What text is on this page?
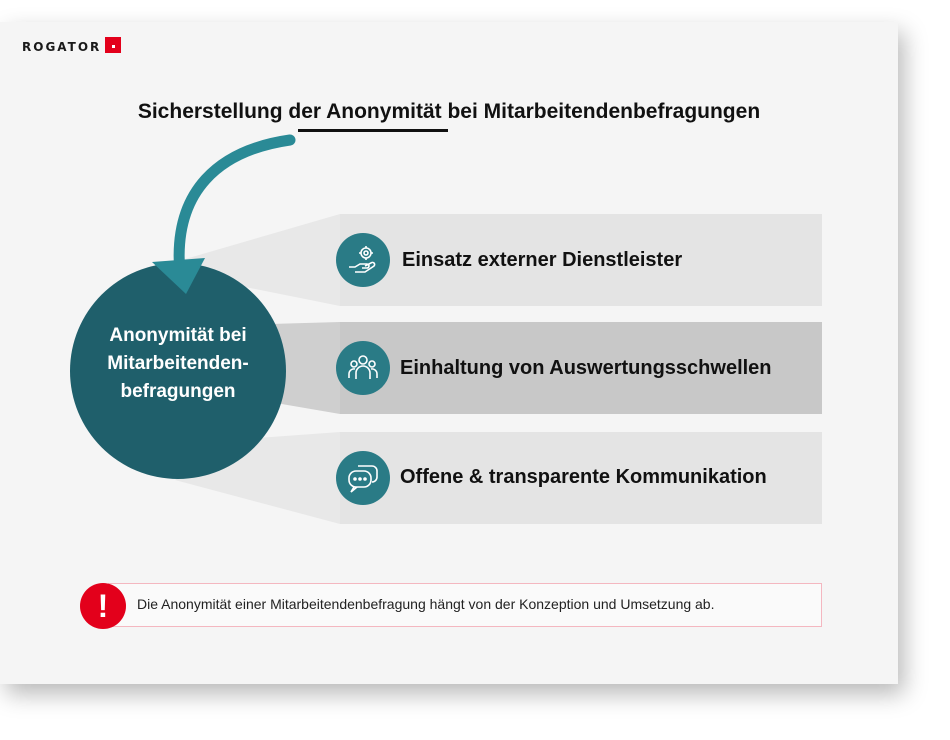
ROGATOR
Sicherstellung der Anonymität bei Mitarbeitendenbefragungen
Anonymität bei
Mitarbeitenden-
befragungen
Einsatz externer Dienstleister
Einhaltung von Auswertungsschwellen
Offene & transparente Kommunikation
Die Anonymität einer Mitarbeitendenbefragung hängt von der Konzeption und Umsetzung ab.
!
